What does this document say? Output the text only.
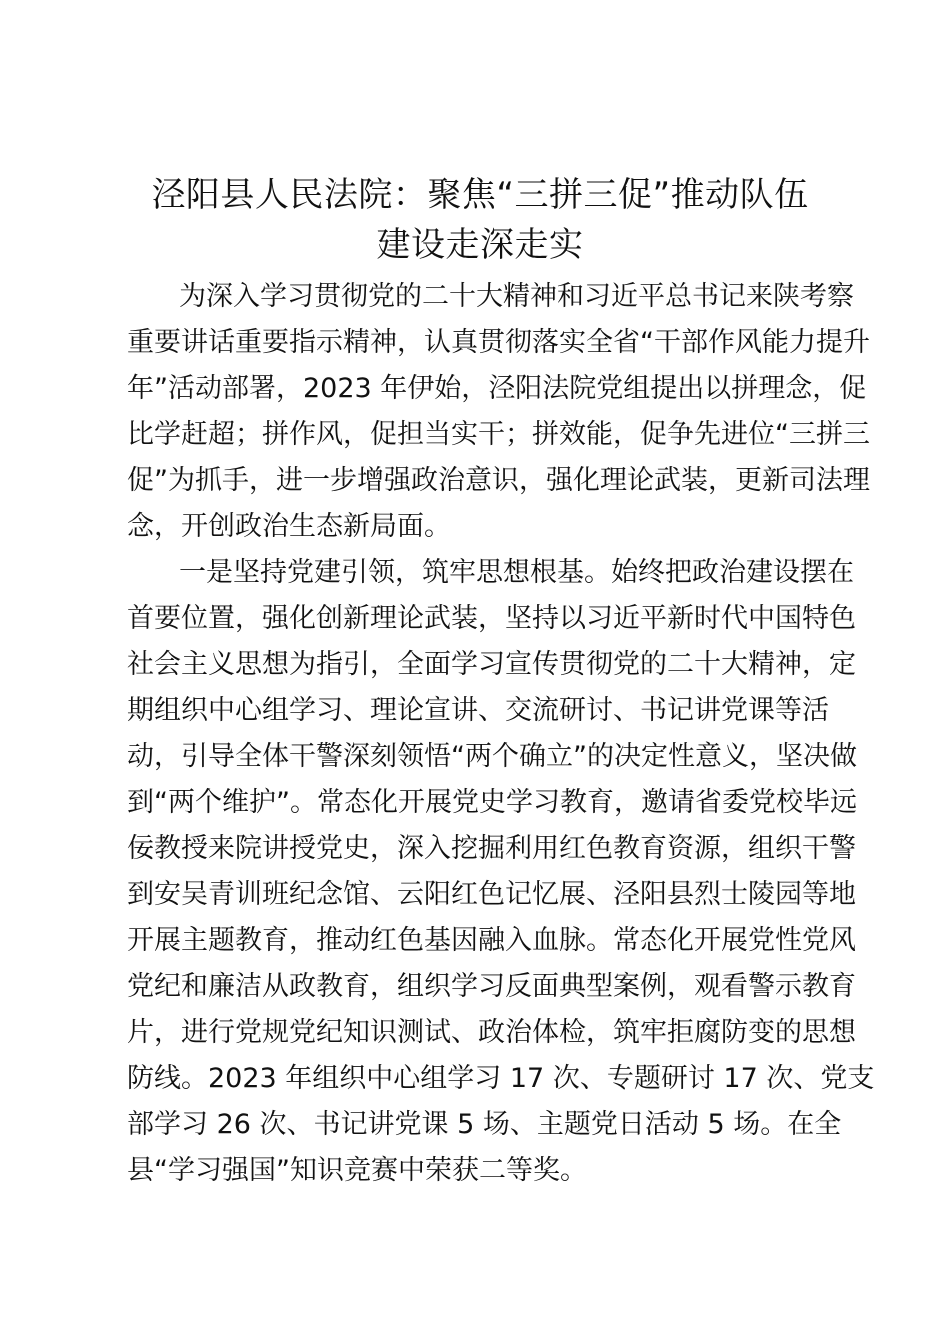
泾阳县人民法院：聚焦“三拼三促”推动队伍
建设走深走实
为深入学习贯彻党的二十大精神和习近平总书记来陕考察
重要讲话重要指示精神，认真贯彻落实全省“干部作风能力提升
年”活动部署，2023 年伊始，泾阳法院党组提出以拼理念，促
比学赶超；拼作风，促担当实干；拼效能，促争先进位“三拼三
促”为抓手，进一步增强政治意识，强化理论武装，更新司法理
念，开创政治生态新局面。
一是坚持党建引领，筑牢思想根基。始终把政治建设摆在
首要位置，强化创新理论武装，坚持以习近平新时代中国特色
社会主义思想为指引，全面学习宣传贯彻党的二十大精神，定
期组织中心组学习、理论宣讲、交流研讨、书记讲党课等活
动，引导全体干警深刻领悟“两个确立”的决定性意义，坚决做
到“两个维护”。常态化开展党史学习教育，邀请省委党校毕远
佞教授来院讲授党史，深入挖掘利用红色教育资源，组织干警
到安吴青训班纪念馆、云阳红色记忆展、泾阳县烈士陵园等地
开展主题教育，推动红色基因融入血脉。常态化开展党性党风
党纪和廉洁从政教育，组织学习反面典型案例，观看警示教育
片，进行党规党纪知识测试、政治体检，筑牢拒腐防变的思想
防线。2023 年组织中心组学习 17 次、专题研讨 17 次、党支
部学习 26 次、书记讲党课 5 场、主题党日活动 5 场。在全
县“学习强国”知识竞赛中荣获二等奖。
